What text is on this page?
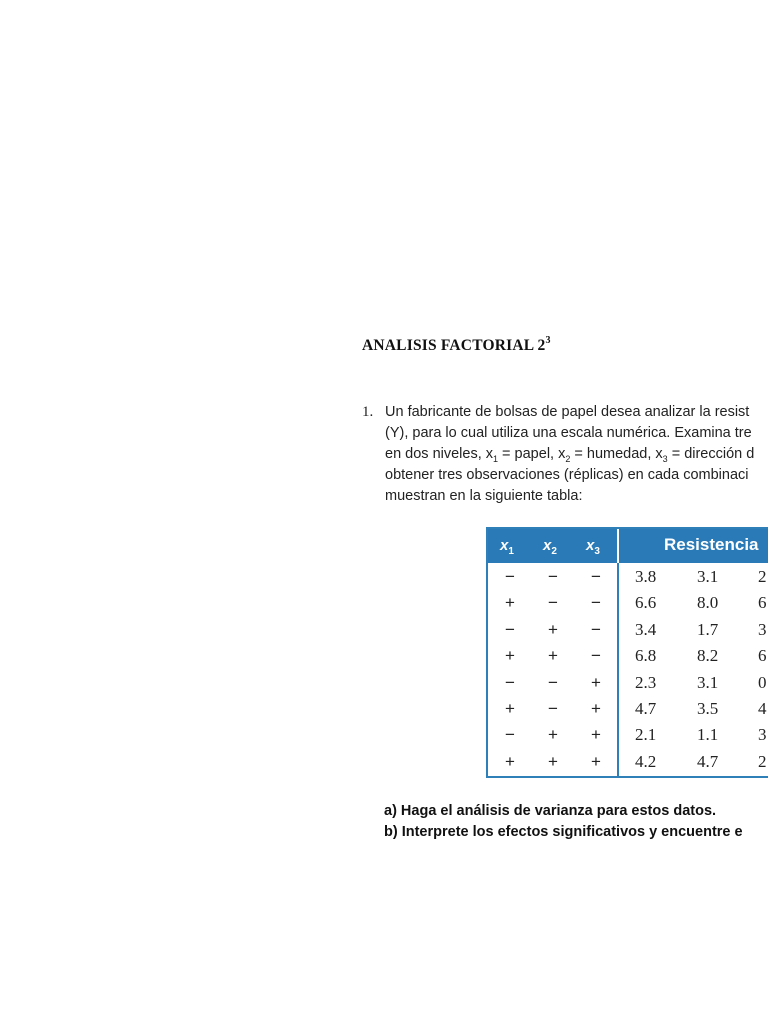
ANALISIS FACTORIAL $2^3$
1. Un fabricante de bolsas de papel desea analizar la resist
(Y), para lo cual utiliza una escala numérica. Examina tre
en dos niveles, $x_1$ = papel, $x_2$ = humedad, $x_3$ = dirección d
obtener tres observaciones (réplicas) en cada combinaci
muestran en la siguiente tabla:
$x_1$ $x_2$ $x_3$	Resistencia
− − − 3.8 3.1 2
+ − − 6.6 8.0 6
− + − 3.4 1.7 3
+ + − 6.8 8.2 6
− − + 2.3 3.1 0
+ − + 4.7 3.5 4
− + + 2.1 1.1 3
+ + + 4.2 4.7 2
a) Haga el análisis de varianza para estos datos.
b) Interprete los efectos significativos y encuentre e
